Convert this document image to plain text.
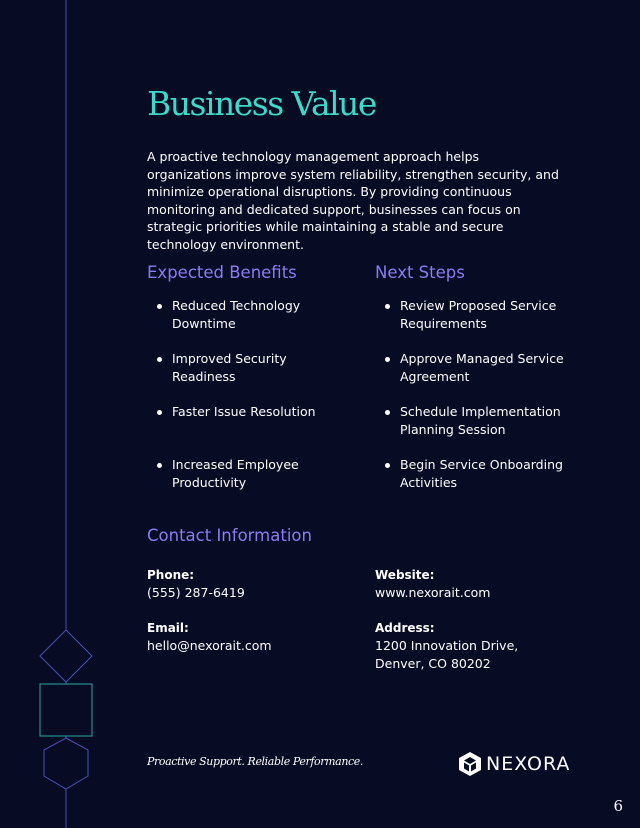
Business Value

A proactive technology management approach helps organizations improve system reliability, strengthen security, and minimize operational disruptions. By providing continuous monitoring and dedicated support, businesses can focus on strategic priorities while maintaining a stable and secure technology environment.

Expected Benefits
Reduced Technology Downtime
Improved Security Readiness
Faster Issue Resolution
Increased Employee Productivity
Next Steps
Review Proposed Service Requirements
Approve Managed Service Agreement
Schedule Implementation Planning Session
Begin Service Onboarding Activities
Contact Information
Phone:
(555) 287-6419
Website:
www.nexorait.com
Email:
hello@nexorait.com
Address:
1200 Innovation Drive, Denver, CO 80202
Proactive Support. Reliable Performance.	NEXORA
6
